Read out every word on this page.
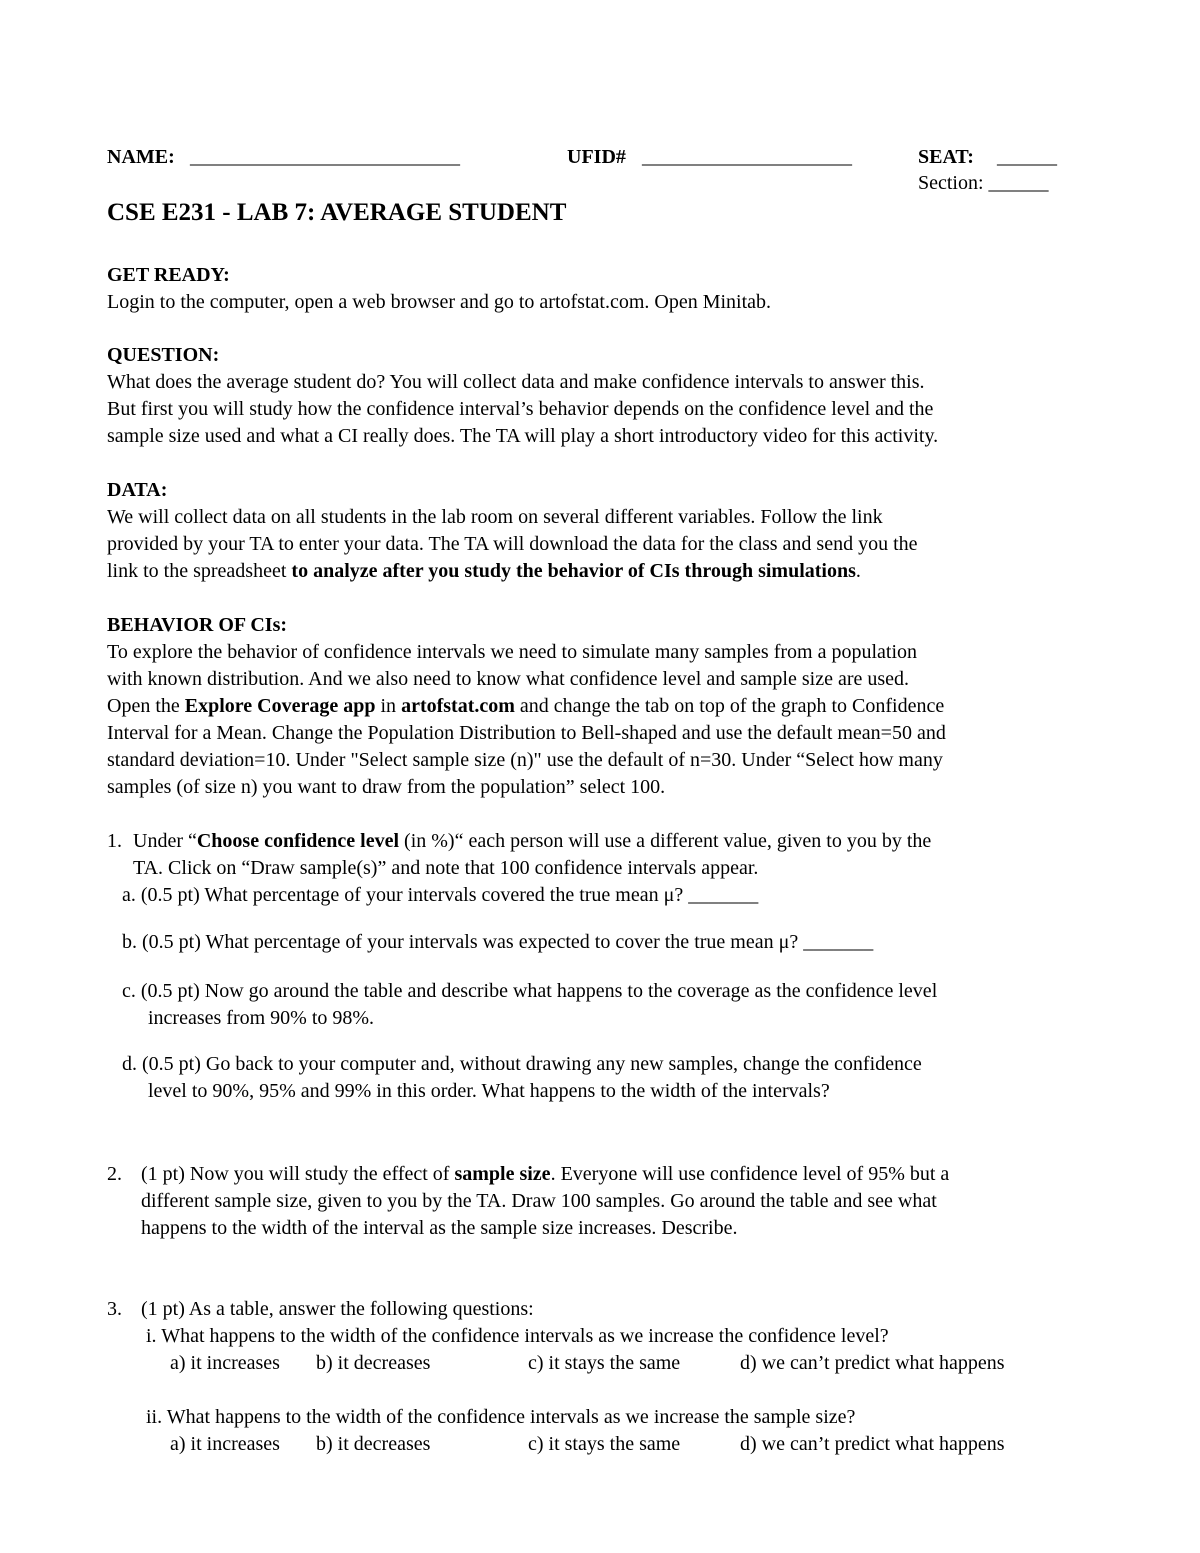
NAME: ___________________________	UFID# _____________________	SEAT: ______
Section: ______
CSE E231 - LAB 7: AVERAGE STUDENT
GET READY:
Login to the computer, open a web browser and go to artofstat.com. Open Minitab.
QUESTION:
What does the average student do? You will collect data and make confidence intervals to answer this.
But first you will study how the confidence interval’s behavior depends on the confidence level and the
sample size used and what a CI really does. The TA will play a short introductory video for this activity.
DATA:
We will collect data on all students in the lab room on several different variables. Follow the link
provided by your TA to enter your data. The TA will download the data for the class and send you the
link to the spreadsheet to analyze after you study the behavior of CIs through simulations.
BEHAVIOR OF CIs:
To explore the behavior of confidence intervals we need to simulate many samples from a population
with known distribution. And we also need to know what confidence level and sample size are used.
Open the Explore Coverage app in artofstat.com and change the tab on top of the graph to Confidence
Interval for a Mean. Change the Population Distribution to Bell-shaped and use the default mean=50 and
standard deviation=10. Under "Select sample size (n)" use the default of n=30. Under “Select how many
samples (of size n) you want to draw from the population” select 100.
1. Under “Choose confidence level (in %)“ each person will use a different value, given to you by the
TA. Click on “Draw sample(s)” and note that 100 confidence intervals appear.
a. (0.5 pt) What percentage of your intervals covered the true mean μ? _______
b. (0.5 pt) What percentage of your intervals was expected to cover the true mean μ? _______
c. (0.5 pt) Now go around the table and describe what happens to the coverage as the confidence level
increases from 90% to 98%.
d. (0.5 pt) Go back to your computer and, without drawing any new samples, change the confidence
level to 90%, 95% and 99% in this order. What happens to the width of the intervals?
2. (1 pt) Now you will study the effect of sample size. Everyone will use confidence level of 95% but a
different sample size, given to you by the TA. Draw 100 samples. Go around the table and see what
happens to the width of the interval as the sample size increases. Describe.
3. (1 pt) As a table, answer the following questions:
i. What happens to the width of the confidence intervals as we increase the confidence level?
a) it increases b) it decreases	c) it stays the same	d) we can’t predict what happens
ii. What happens to the width of the confidence intervals as we increase the sample size?
a) it increases b) it decreases	c) it stays the same	d) we can’t predict what happens
